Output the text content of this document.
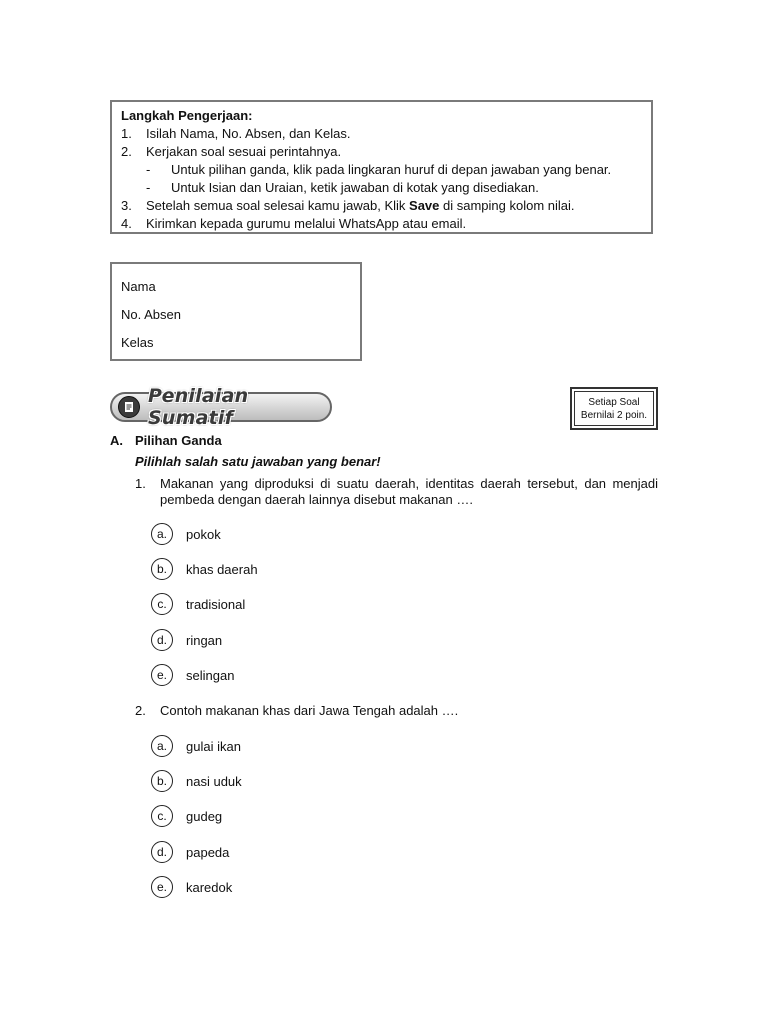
Langkah Pengerjaan:
1.	Isilah Nama, No. Absen, dan Kelas.
2.	Kerjakan soal sesuai perintahnya.
-	Untuk pilihan ganda, klik pada lingkaran huruf di depan jawaban yang benar.
-	Untuk Isian dan Uraian, ketik jawaban di kotak yang disediakan.
3.	Setelah semua soal selesai kamu jawab, Klik Save di samping kolom nilai.
4.	Kirimkan kepada gurumu melalui WhatsApp atau email.
Nama
No. Absen
Kelas
Penilaian Sumatif
Setiap Soal
Bernilai 2 poin.
A. Pilihan Ganda
Pilihlah salah satu jawaban yang benar!
1.	Makanan yang diproduksi di suatu daerah, identitas daerah tersebut, dan menjadi pembeda dengan daerah lainnya disebut makanan ….
a.	pokok
b.	khas daerah
c.	tradisional
d.	ringan
e.	selingan
2.	Contoh makanan khas dari Jawa Tengah adalah ….
a.	gulai ikan
b.	nasi uduk
c.	gudeg
d.	papeda
e.	karedok
